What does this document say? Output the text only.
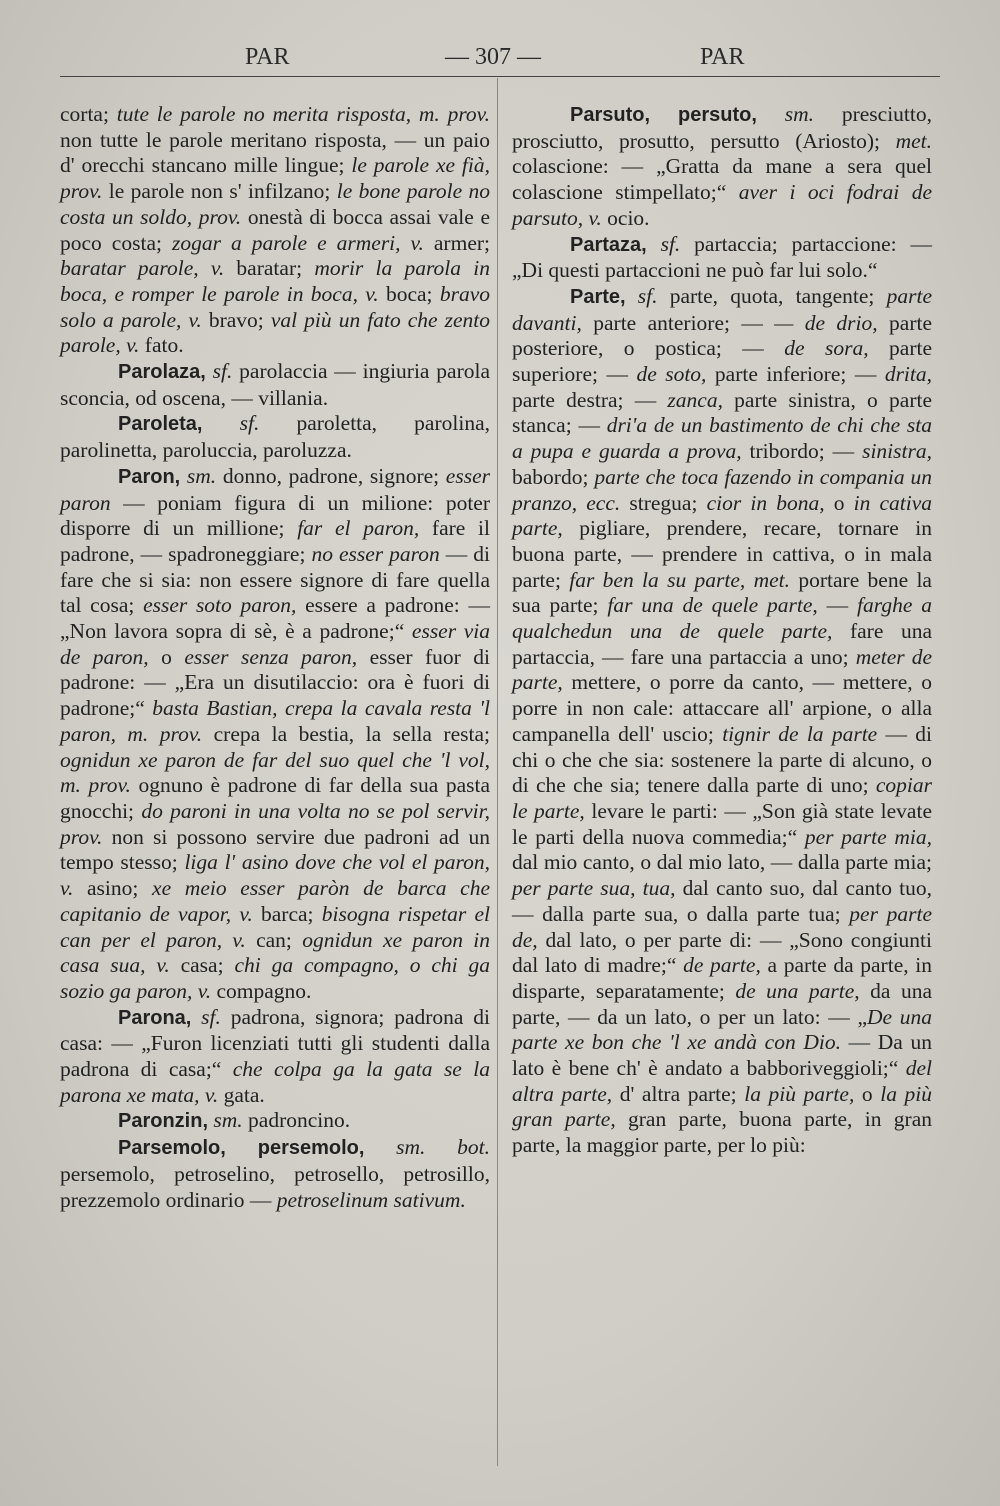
PAR	— 307 —	PAR

corta; tute le parole no merita risposta, m. prov. non tutte le parole meritano risposta, — un paio d' orecchi stancano mille lingue; le parole xe fià, prov. le parole non s' infilzano; le bone parole no costa un soldo, prov. onestà di bocca assai vale e poco costa; zogar a parole e armeri, v. armer; baratar parole, v. baratar; morir la parola in boca, e romper le parole in boca, v. boca; bravo solo a parole, v. bravo; val più un fato che zento parole, v. fato.

Parolaza, sf. parolaccia — ingiuria parola sconcia, od oscena, — villania.

Paroleta, sf. paroletta, parolina, parolinetta, paroluccia, paroluzza.

Paron, sm. donno, padrone, signore; esser paron — poniam figura di un milione: poter disporre di un millione; far el paron, fare il padrone, — spadroneggiare; no esser paron — di fare che si sia: non essere signore di fare quella tal cosa; esser soto paron, essere a padrone: — „Non lavora sopra di sè, è a padrone;“ esser via de paron, o esser senza paron, esser fuor di padrone: — „Era un disutilaccio: ora è fuori di padrone;“ basta Bastian, crepa la cavala resta 'l paron, m. prov. crepa la bestia, la sella resta; ognidun xe paron de far del suo quel che 'l vol, m. prov. ognuno è padrone di far della sua pasta gnocchi; do paroni in una volta no se pol servir, prov. non si possono servire due padroni ad un tempo stesso; liga l' asino dove che vol el paron, v. asino; xe meio esser paròn de barca che capitanio de vapor, v. barca; bisogna rispetar el can per el paron, v. can; ognidun xe paron in casa sua, v. casa; chi ga compagno, o chi ga sozio ga paron, v. compagno.

Parona, sf. padrona, signora; padrona di casa: — „Furon licenziati tutti gli studenti dalla padrona di casa;“ che colpa ga la gata se la parona xe mata, v. gata.

Paronzin, sm. padroncino.

Parsemolo, persemolo, sm. bot. persemolo, petroselino, petrosello, petrosillo, prezzemolo ordinario — petroselinum sativum.

Parsuto, persuto, sm. presciutto, prosciutto, prosutto, persutto (Ariosto); met. colascione: — „Gratta da mane a sera quel colascione stimpellato;“ aver i oci fodrai de parsuto, v. ocio.

Partaza, sf. partaccia; partaccione: — „Di questi partaccioni ne può far lui solo.“

Parte, sf. parte, quota, tangente; parte davanti, parte anteriore; — — de drio, parte posteriore, o postica; — de sora, parte superiore; — de soto, parte inferiore; — drita, parte destra; — zanca, parte sinistra, o parte stanca; — dri'a de un bastimento de chi che sta a pupa e guarda a prova, tribordo; — sinistra, babordo; parte che toca fazendo in compania un pranzo, ecc. stregua; cior in bona, o in cativa parte, pigliare, prendere, recare, tornare in buona parte, — prendere in cattiva, o in mala parte; far ben la su parte, met. portare bene la sua parte; far una de quele parte, — farghe a qualchedun una de quele parte, fare una partaccia, — fare una partaccia a uno; meter de parte, mettere, o porre da canto, — mettere, o porre in non cale: attaccare all' arpione, o alla campanella dell' uscio; tignir de la parte — di chi o che che sia: sostenere la parte di alcuno, o di che che sia; tenere dalla parte di uno; copiar le parte, levare le parti: — „Son già state levate le parti della nuova commedia;“ per parte mia, dal mio canto, o dal mio lato, — dalla parte mia; per parte sua, tua, dal canto suo, dal canto tuo, — dalla parte sua, o dalla parte tua; per parte de, dal lato, o per parte di: — „Sono congiunti dal lato di madre;“ de parte, a parte da parte, in disparte, separatamente; de una parte, da una parte, — da un lato, o per un lato: — „De una parte xe bon che 'l xe andà con Dio. — Da un lato è bene ch' è andato a babboriveggioli;“ del altra parte, d' altra parte; la più parte, o la più gran parte, gran parte, buona parte, in gran parte, la maggior parte, per lo più:
